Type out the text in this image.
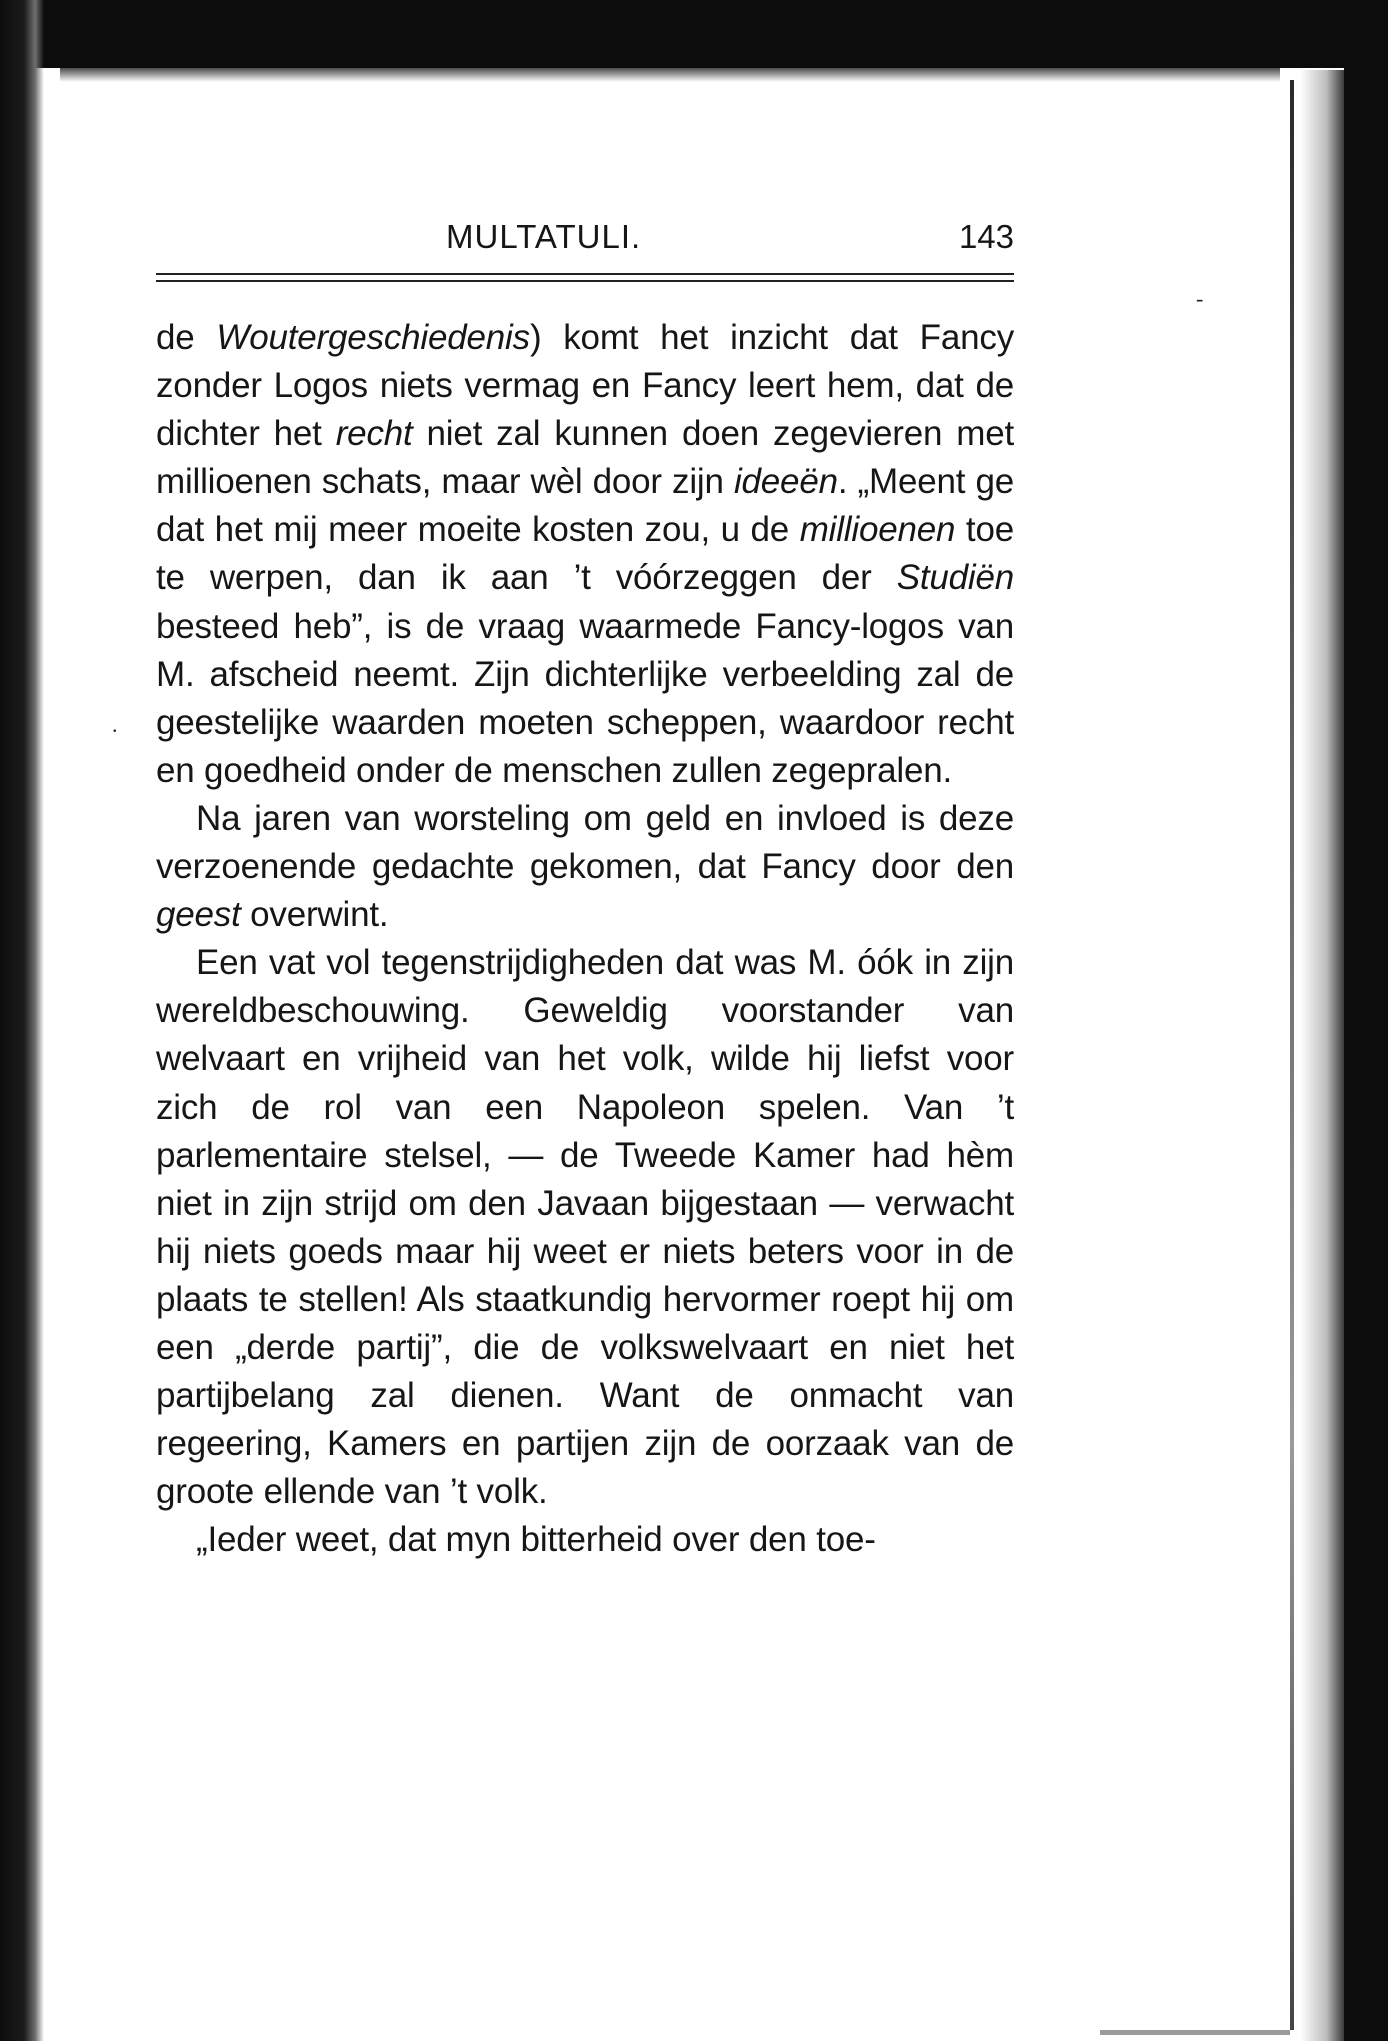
-
.
MULTATULI.	143

de Woutergeschiedenis) komt het inzicht dat Fancy zonder Logos niets vermag en Fancy leert hem, dat de dichter het recht niet zal kunnen doen zegevieren met millioenen schats, maar wèl door zijn ideeën. „Meent ge dat het mij meer moeite kosten zou, u de millioenen toe te werpen, dan ik aan ’t vóórzeggen der Studiën besteed heb”, is de vraag waarmede Fancy-logos van M. afscheid neemt. Zijn dichterlijke verbeelding zal de geestelijke waarden moeten scheppen, waardoor recht en goedheid onder de menschen zullen zegepralen.

Na jaren van worsteling om geld en invloed is deze verzoenende gedachte gekomen, dat Fancy door den geest overwint.

Een vat vol tegenstrijdigheden dat was M. óók in zijn wereldbeschouwing. Geweldig voorstander van welvaart en vrijheid van het volk, wilde hij liefst voor zich de rol van een Napoleon spelen. Van ’t parlementaire stelsel, — de Tweede Kamer had hèm niet in zijn strijd om den Javaan bijgestaan — verwacht hij niets goeds maar hij weet er niets beters voor in de plaats te stellen! Als staatkundig hervormer roept hij om een „derde partij”, die de volkswelvaart en niet het partijbelang zal dienen. Want de onmacht van regeering, Kamers en partijen zijn de oorzaak van de groote ellende van ’t volk.

„Ieder weet, dat myn bitterheid over den toe-
